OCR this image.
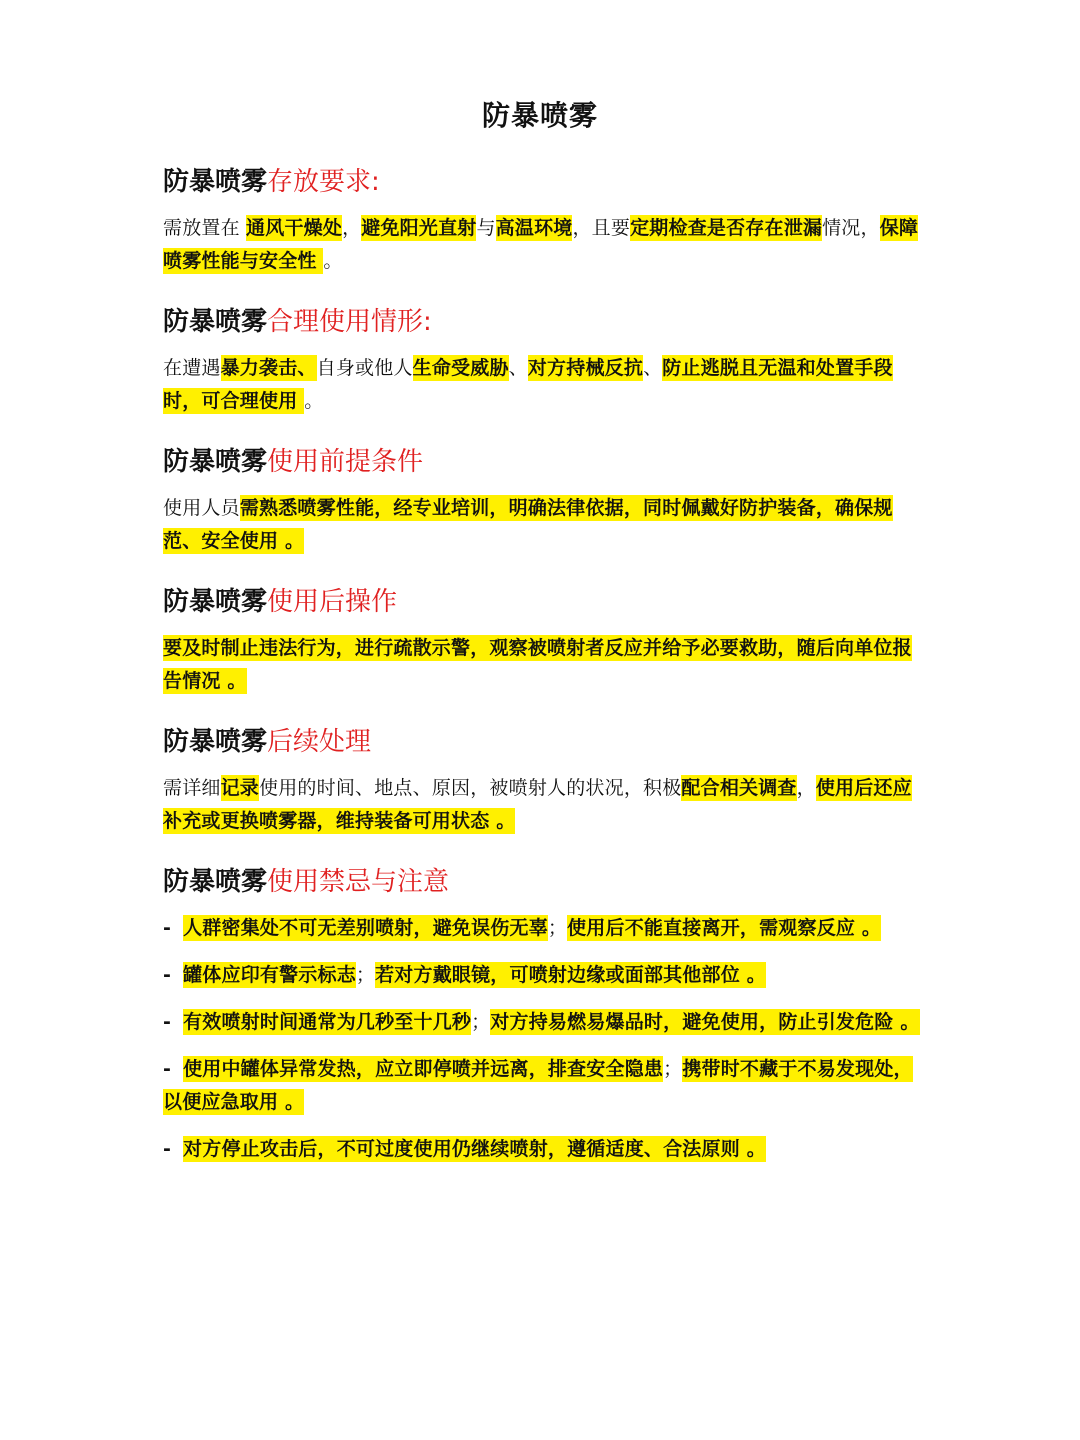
防暴喷雾
防暴喷雾存放要求:

需放置在 通风干燥处，避免阳光直射与高温环境，且要定期检查是否存在泄漏情况，保障喷雾性能与安全性 。

防暴喷雾合理使用情形:

在遭遇暴力袭击、自身或他人生命受威胁、对方持械反抗、防止逃脱且无温和处置手段时，可合理使用 。

防暴喷雾使用前提条件

使用人员需熟悉喷雾性能，经专业培训，明确法律依据，同时佩戴好防护装备，确保规范、安全使用 。

防暴喷雾使用后操作

要及时制止违法行为，进行疏散示警，观察被喷射者反应并给予必要救助，随后向单位报告情况 。

防暴喷雾后续处理

需详细记录使用的时间、地点、原因，被喷射人的状况，积极配合相关调查，使用后还应补充或更换喷雾器，维持装备可用状态 。

防暴喷雾使用禁忌与注意
- 人群密集处不可无差别喷射，避免误伤无辜；使用后不能直接离开，需观察反应 。
- 罐体应印有警示标志；若对方戴眼镜，可喷射边缘或面部其他部位 。
- 有效喷射时间通常为几秒至十几秒；对方持易燃易爆品时，避免使用，防止引发危险 。
- 使用中罐体异常发热，应立即停喷并远离，排查安全隐患；携带时不藏于不易发现处，以便应急取用 。
- 对方停止攻击后，不可过度使用仍继续喷射，遵循适度、合法原则 。
